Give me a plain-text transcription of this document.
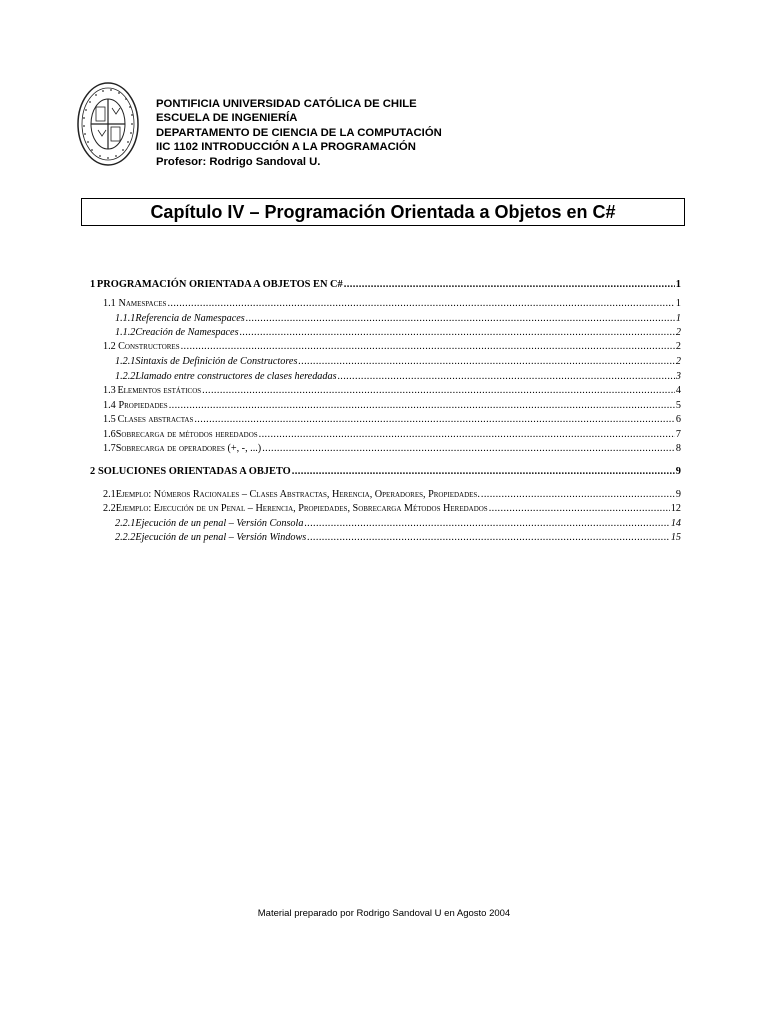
PONTIFICIA UNIVERSIDAD CATÓLICA DE CHILE
ESCUELA DE INGENIERÍA
DEPARTAMENTO DE CIENCIA DE LA COMPUTACIÓN
IIC 1102 INTRODUCCIÓN A LA PROGRAMACIÓN
Profesor: Rodrigo Sandoval U.
Capítulo IV – Programación Orientada a Objetos en C#
1 PROGRAMACIÓN ORIENTADA A OBJETOS EN C# .....	1
1.1 Namespaces .....	1
1.1.1 Referencia de Namespaces .....	1
1.1.2 Creación de Namespaces .....	2
1.2 Constructores .....	2
1.2.1 Sintaxis de Definición de Constructores .....	2
1.2.2 Llamado entre constructores de clases heredadas .....	3
1.3 Elementos estáticos .....	4
1.4 Propiedades .....	5
1.5 Clases abstractas .....	6
1.6 Sobrecarga de métodos heredados .....	7
1.7 Sobrecarga de operadores (+, -, ...) .....	8
2 SOLUCIONES ORIENTADAS A OBJETO .....	9
2.1 Ejemplo: Números Racionales – Clases Abstractas, Herencia, Operadores, Propiedades. .....	9
2.2 Ejemplo: Ejecución de un Penal – Herencia, Propiedades, Sobrecarga Métodos Heredados .....	12
2.2.1 Ejecución de un penal – Versión Consola .....	14
2.2.2 Ejecución de un penal – Versión Windows .....	15
Material preparado por Rodrigo Sandoval U en Agosto 2004
